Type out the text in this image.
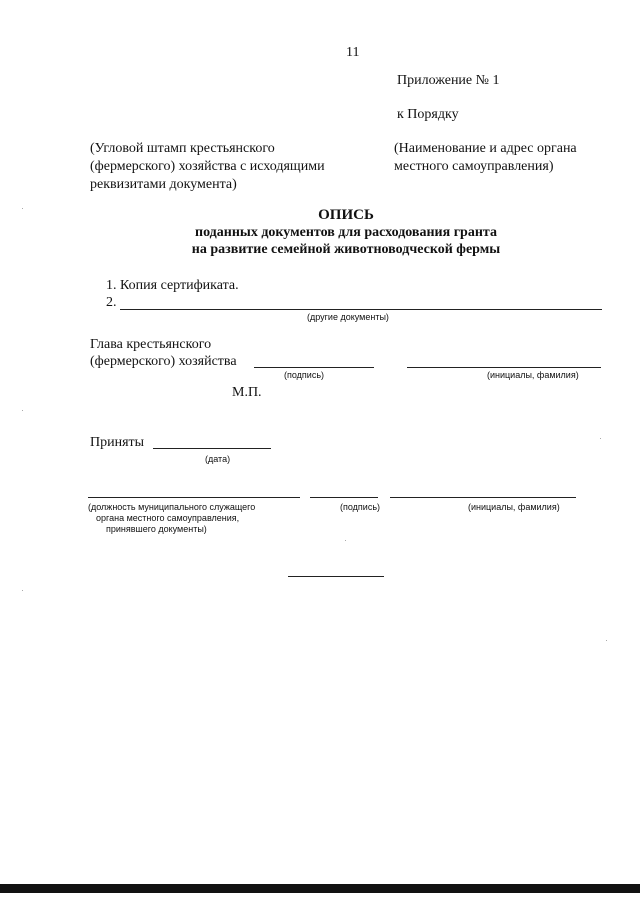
11
Приложение № 1
к Порядку
(Угловой штамп крестьянского
(фермерского) хозяйства с исходящими
реквизитами документа)
(Наименование и адрес органа
местного самоуправления)
ОПИСЬ
поданных документов для расходования гранта
на развитие семейной животноводческой фермы
1. Копия сертификата.
2.
(другие документы)
Глава крестьянского
(фермерского) хозяйства
(подпись)	(инициалы, фамилия)
М.П.
Приняты
(дата)
(должность муниципального служащего
органа местного самоуправления,
принявшего документы)
(подпись)	(инициалы, фамилия)
